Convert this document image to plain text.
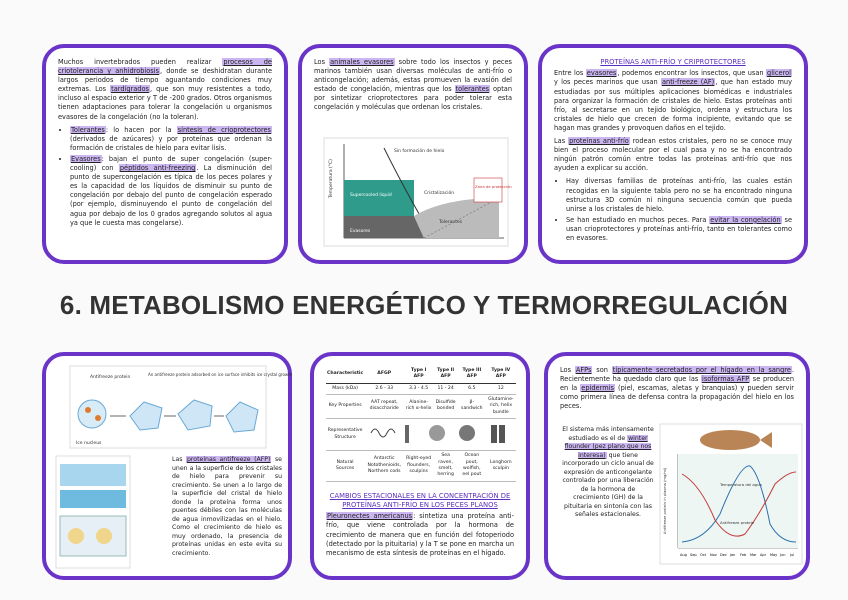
Muchos invertebrados pueden realizar procesos de criotolerancia y anhidrobiosis, donde se deshidratan durante largos periodos de tiempo aguantando condiciones muy extremas. Los tardígrados, que son muy resistentes a todo, incluso al espacio exterior y T de -200 grados. Otros organismos tienen adaptaciones para tolerar la congelación u organismos evasores de la congelación (no la toleran).

• Tolerantes: lo hacen por la síntesis de crioprotectores (derivados de azúcares) y por proteínas que ordenan la formación de cristales de hielo para evitar lisis.
• Evasores: bajan el punto de super congelación (super-cooling) con péptidos anti-freezing. La disminución del punto de supercongelación es típica de los peces polares y es la capacidad de los líquidos de disminuir su punto de congelación por debajo del punto de congelación esperado (por ejemplo, disminuyendo el punto de congelación del agua por debajo de los 0 grados agregando solutos al agua ya que le cuesta mas congelarse).

Los animales evasores sobre todo los insectos y peces marinos también usan diversas moléculas de anti-frío o anticongelación; además, estas promueven la evasión del estado de congelación, mientras que los tolerantes optan por sintetizar crioprotectores para poder tolerar esta congelación y moléculas que ordenan los cristales.

Temperatura (°C)
Sin formación de hielo
Supercooled liquid	Cristalización
Evasores
Tolerantes
Zona de protección
PROTEÍNAS ANTI-FRÍO Y CRIPROTECTORES

Entre los evasores, podemos encontrar los insectos, que usan glicerol y los peces marinos que usan anti-freeze (AF), que han estado muy estudiadas por sus múltiples aplicaciones biomédicas e industriales para organizar la formación de cristales de hielo. Estas proteínas anti frío, al secretarse en un tejido biológico, ordena y estructura los cristales de hielo que crecen de forma incipiente, evitando que se hagan mas grandes y provoquen daños en el tejido.

Las proteínas anti-frío rodean estos cristales, pero no se conoce muy bien el proceso molecular por el cual pasa y no se ha encontrado ningún patrón común entre todas las proteínas anti-frío que nos ayuden a explicar su acción.

• Hay diversas familias de proteínas anti-frío, las cuales están recogidas en la siguiente tabla pero no se ha encontrado ninguna estructura 3D común ni ninguna secuencia común que pueda unirse a los cristales de hielo.
• Se han estudiado en muchos peces. Para evitar la congelación se usan crioprotectores y proteínas anti-frío, tanto en tolerantes como en evasores.
6. METABOLISMO ENERGÉTICO Y TERMORREGULACIÓN
Antifreeze protein
An antifreeze protein adsorbed on ice surface inhibits ice crystal growth
Ice nucleus

Las proteínas antifreeze (AFP) se unen a la superficie de los cristales de hielo para prevenir su crecimiento. Se unen a lo largo de la superficie del cristal de hielo donde la proteína forma unos puentes débiles con las moléculas de agua inmovilizadas en el hielo. Como el crecimiento de hielo es muy ordenado, la presencia de proteínas unidas en este evita su crecimiento.

Characteristic	AFGP	Type I AFP	Type II AFP	Type III AFP	Type IV AFP
Mass (kDa)	2.6 - 33	3.3 - 4.5	11 - 24	6.5	12
Key Properties	AAT repeat, disaccharide	Alanine-rich α-helix	Disulfide bonded	β-sandwich	Glutamine-rich, helix bundle
Representative Structure	
Natural Sources	Antarctic Notothenioids, Northern cods	Right-eyed flounders, sculpins	Sea raven, smelt, herring	Ocean pout, wolfish, eel pout	Longhorn sculpin
CAMBIOS ESTACIONALES EN LA CONCENTRACIÓN DE PROTEÍNAS ANTI-FRÍO EN LOS PECES PLANOS

Pleuronectes americanus: sintetiza una proteína anti-frío, que viene controlada por la hormona de crecimiento de manera que en función del fotoperiodo (detectado por la pituitaria) y la T se pone en marcha un mecanismo de esta síntesis de proteínas en el hígado.

Los AFPs son típicamente secretados por el hígado en la sangre. Recientemente ha quedado claro que las isoformas AFP se producen en la epidermis (piel, escamas, aletas y branquias) y pueden servir como primera línea de defensa contra la propagación del hielo en los peces.

El sistema más intensamente estudiado es el de winter flounder (pez plano que nos interesa) que tiene incorporado un ciclo anual de expresión de anticongelante controlado por una liberación de la hormona de crecimiento (GH) de la pituitaria en sintonía con las señales estacionales.	Antifreeze protein in plasma (mg/ml)	Temperatura del agua
Antifreeze protein
Aug Sep Oct Nov Dec Jan Feb Mar Apr May Jun Jul
